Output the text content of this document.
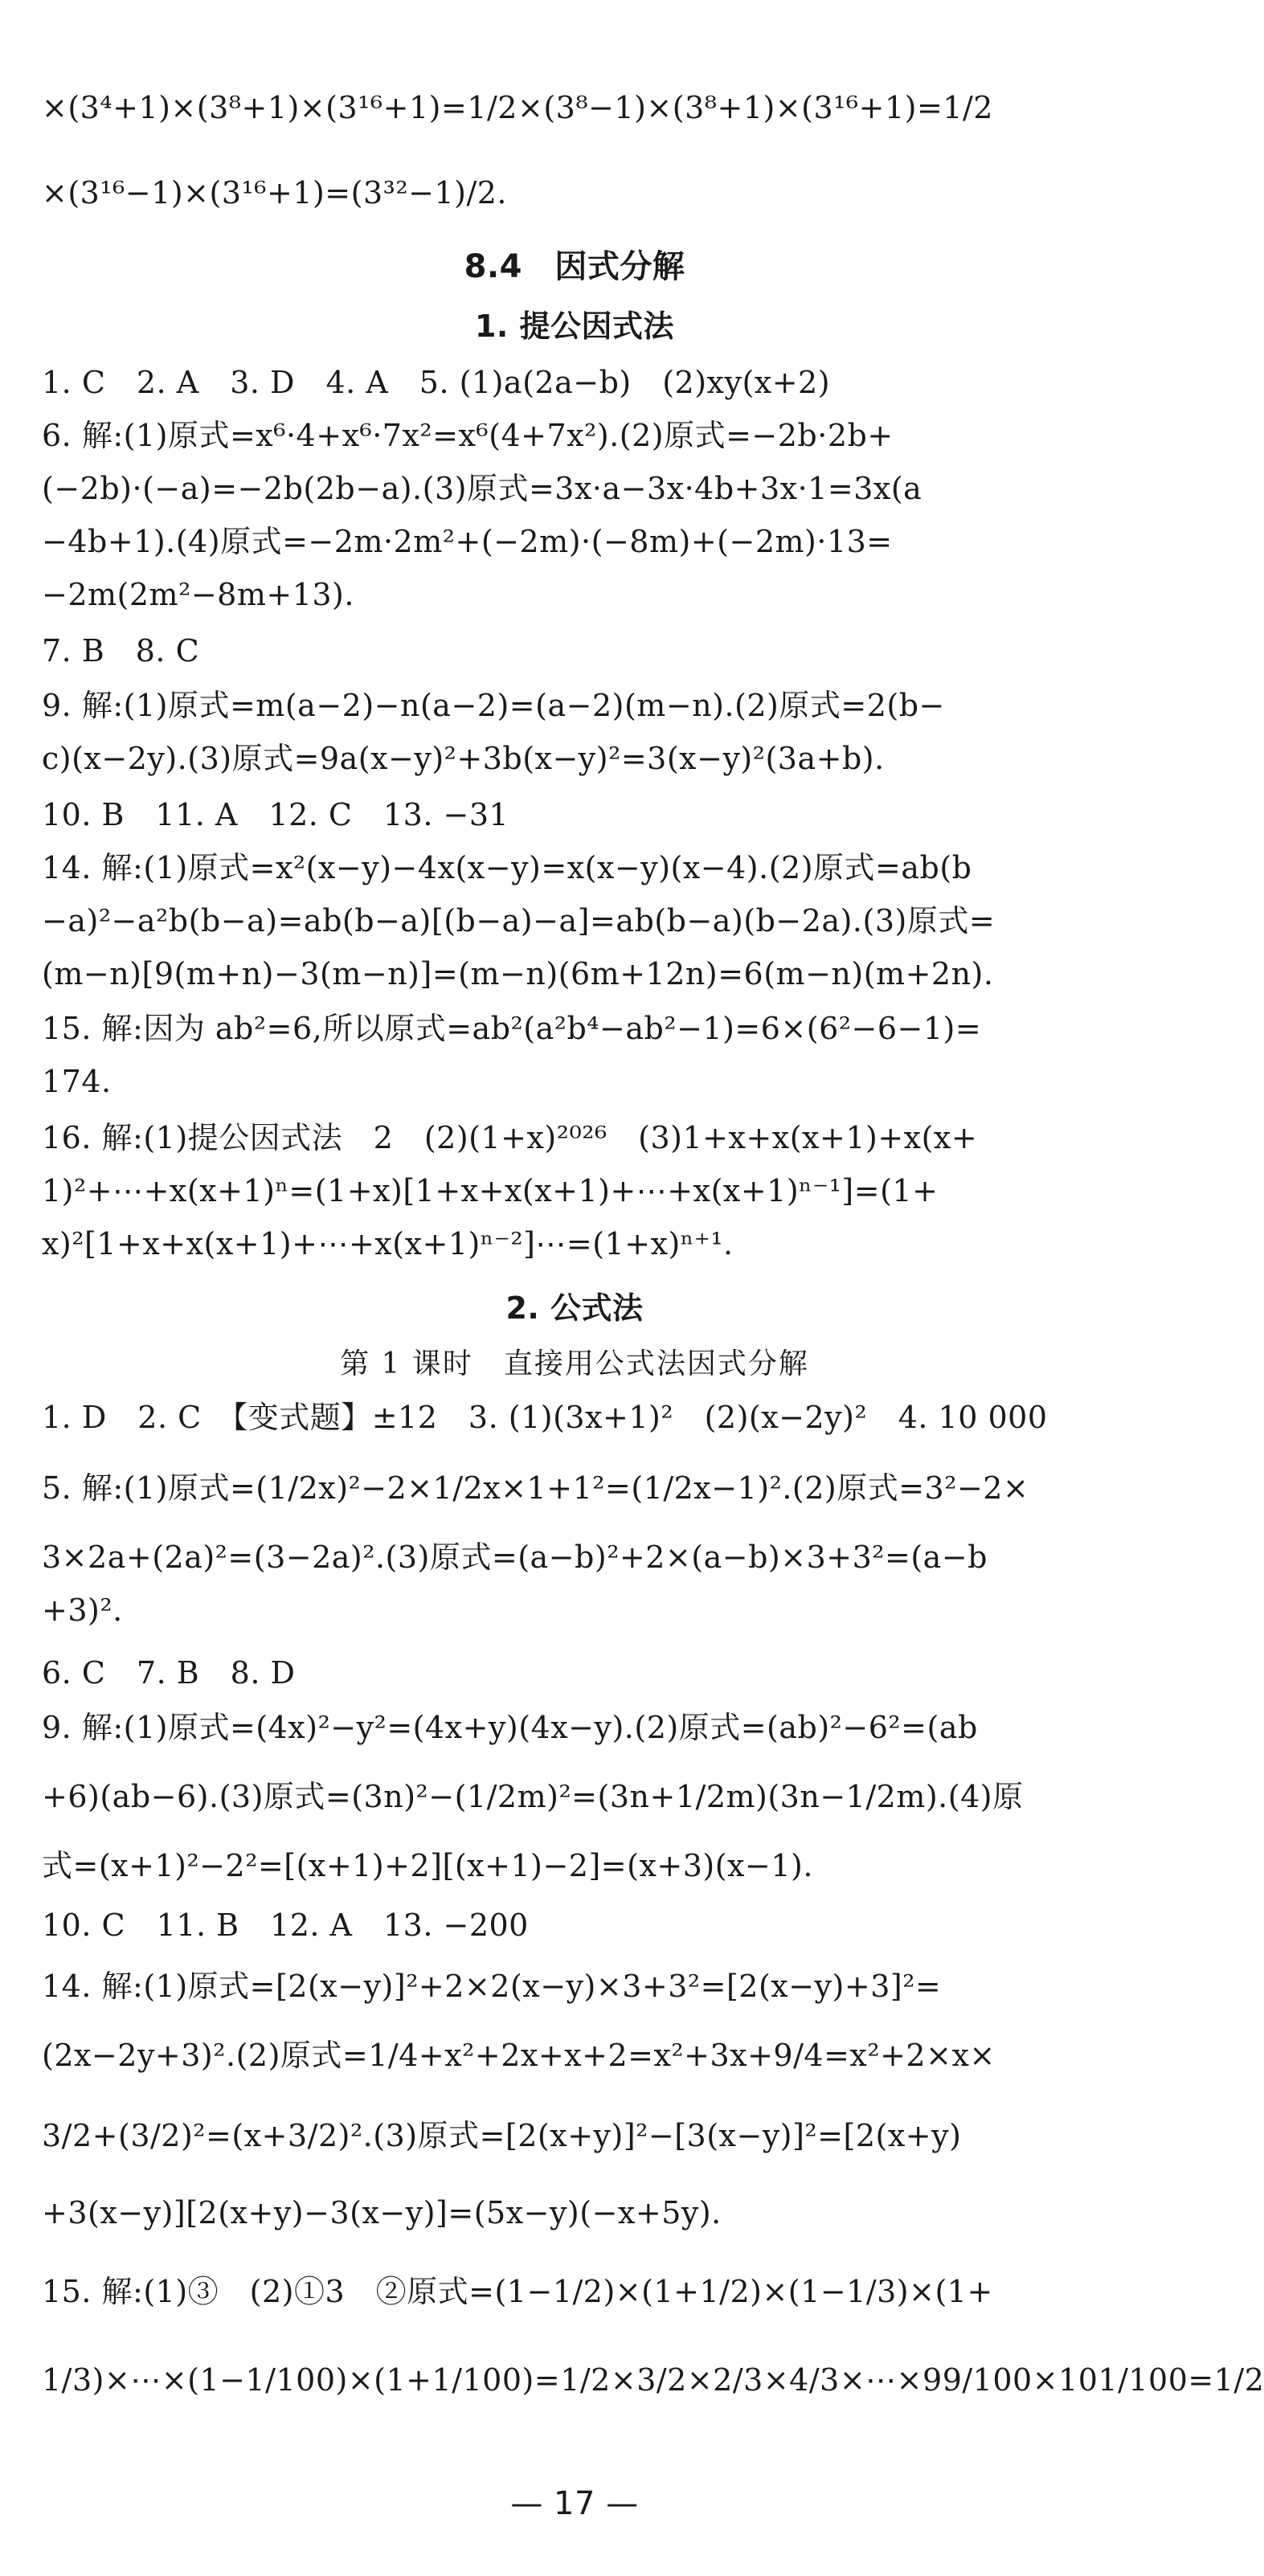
×(3⁴+1)×(3⁸+1)×(3¹⁶+1)=1/2×(3⁸−1)×(3⁸+1)×(3¹⁶+1)=1/2
×(3¹⁶−1)×(3¹⁶+1)=(3³²−1)/2.
8.4　因式分解
1. 提公因式法
1. C　2. A　3. D　4. A　5. (1)a(2a−b)　(2)xy(x+2)
6. 解:(1)原式=x⁶·4+x⁶·7x²=x⁶(4+7x²).(2)原式=−2b·2b+
(−2b)·(−a)=−2b(2b−a).(3)原式=3x·a−3x·4b+3x·1=3x(a
−4b+1).(4)原式=−2m·2m²+(−2m)·(−8m)+(−2m)·13=
−2m(2m²−8m+13).
7. B　8. C
9. 解:(1)原式=m(a−2)−n(a−2)=(a−2)(m−n).(2)原式=2(b−
c)(x−2y).(3)原式=9a(x−y)²+3b(x−y)²=3(x−y)²(3a+b).
10. B　11. A　12. C　13. −31
14. 解:(1)原式=x²(x−y)−4x(x−y)=x(x−y)(x−4).(2)原式=ab(b
−a)²−a²b(b−a)=ab(b−a)[(b−a)−a]=ab(b−a)(b−2a).(3)原式=
(m−n)[9(m+n)−3(m−n)]=(m−n)(6m+12n)=6(m−n)(m+2n).
15. 解:因为 ab²=6,所以原式=ab²(a²b⁴−ab²−1)=6×(6²−6−1)=
174.
16. 解:(1)提公因式法　2　(2)(1+x)²⁰²⁶　(3)1+x+x(x+1)+x(x+
1)²+⋯+x(x+1)ⁿ=(1+x)[1+x+x(x+1)+⋯+x(x+1)ⁿ⁻¹]=(1+
x)²[1+x+x(x+1)+⋯+x(x+1)ⁿ⁻²]⋯=(1+x)ⁿ⁺¹.
2. 公式法
第 1 课时　直接用公式法因式分解
1. D　2. C　【变式题】±12　3. (1)(3x+1)²　(2)(x−2y)²　4. 10 000
5. 解:(1)原式=(1/2x)²−2×1/2x×1+1²=(1/2x−1)².(2)原式=3²−2×
3×2a+(2a)²=(3−2a)².(3)原式=(a−b)²+2×(a−b)×3+3²=(a−b
+3)².
6. C　7. B　8. D
9. 解:(1)原式=(4x)²−y²=(4x+y)(4x−y).(2)原式=(ab)²−6²=(ab
+6)(ab−6).(3)原式=(3n)²−(1/2m)²=(3n+1/2m)(3n−1/2m).(4)原
式=(x+1)²−2²=[(x+1)+2][(x+1)−2]=(x+3)(x−1).
10. C　11. B　12. A　13. −200
14. 解:(1)原式=[2(x−y)]²+2×2(x−y)×3+3²=[2(x−y)+3]²=
(2x−2y+3)².(2)原式=1/4+x²+2x+x+2=x²+3x+9/4=x²+2×x×
3/2+(3/2)²=(x+3/2)².(3)原式=[2(x+y)]²−[3(x−y)]²=[2(x+y)
+3(x−y)][2(x+y)−3(x−y)]=(5x−y)(−x+5y).
15. 解:(1)③　(2)①3　②原式=(1−1/2)×(1+1/2)×(1−1/3)×(1+
1/3)×⋯×(1−1/100)×(1+1/100)=1/2×3/2×2/3×4/3×⋯×99/100×101/100=1/2
— 17 —
